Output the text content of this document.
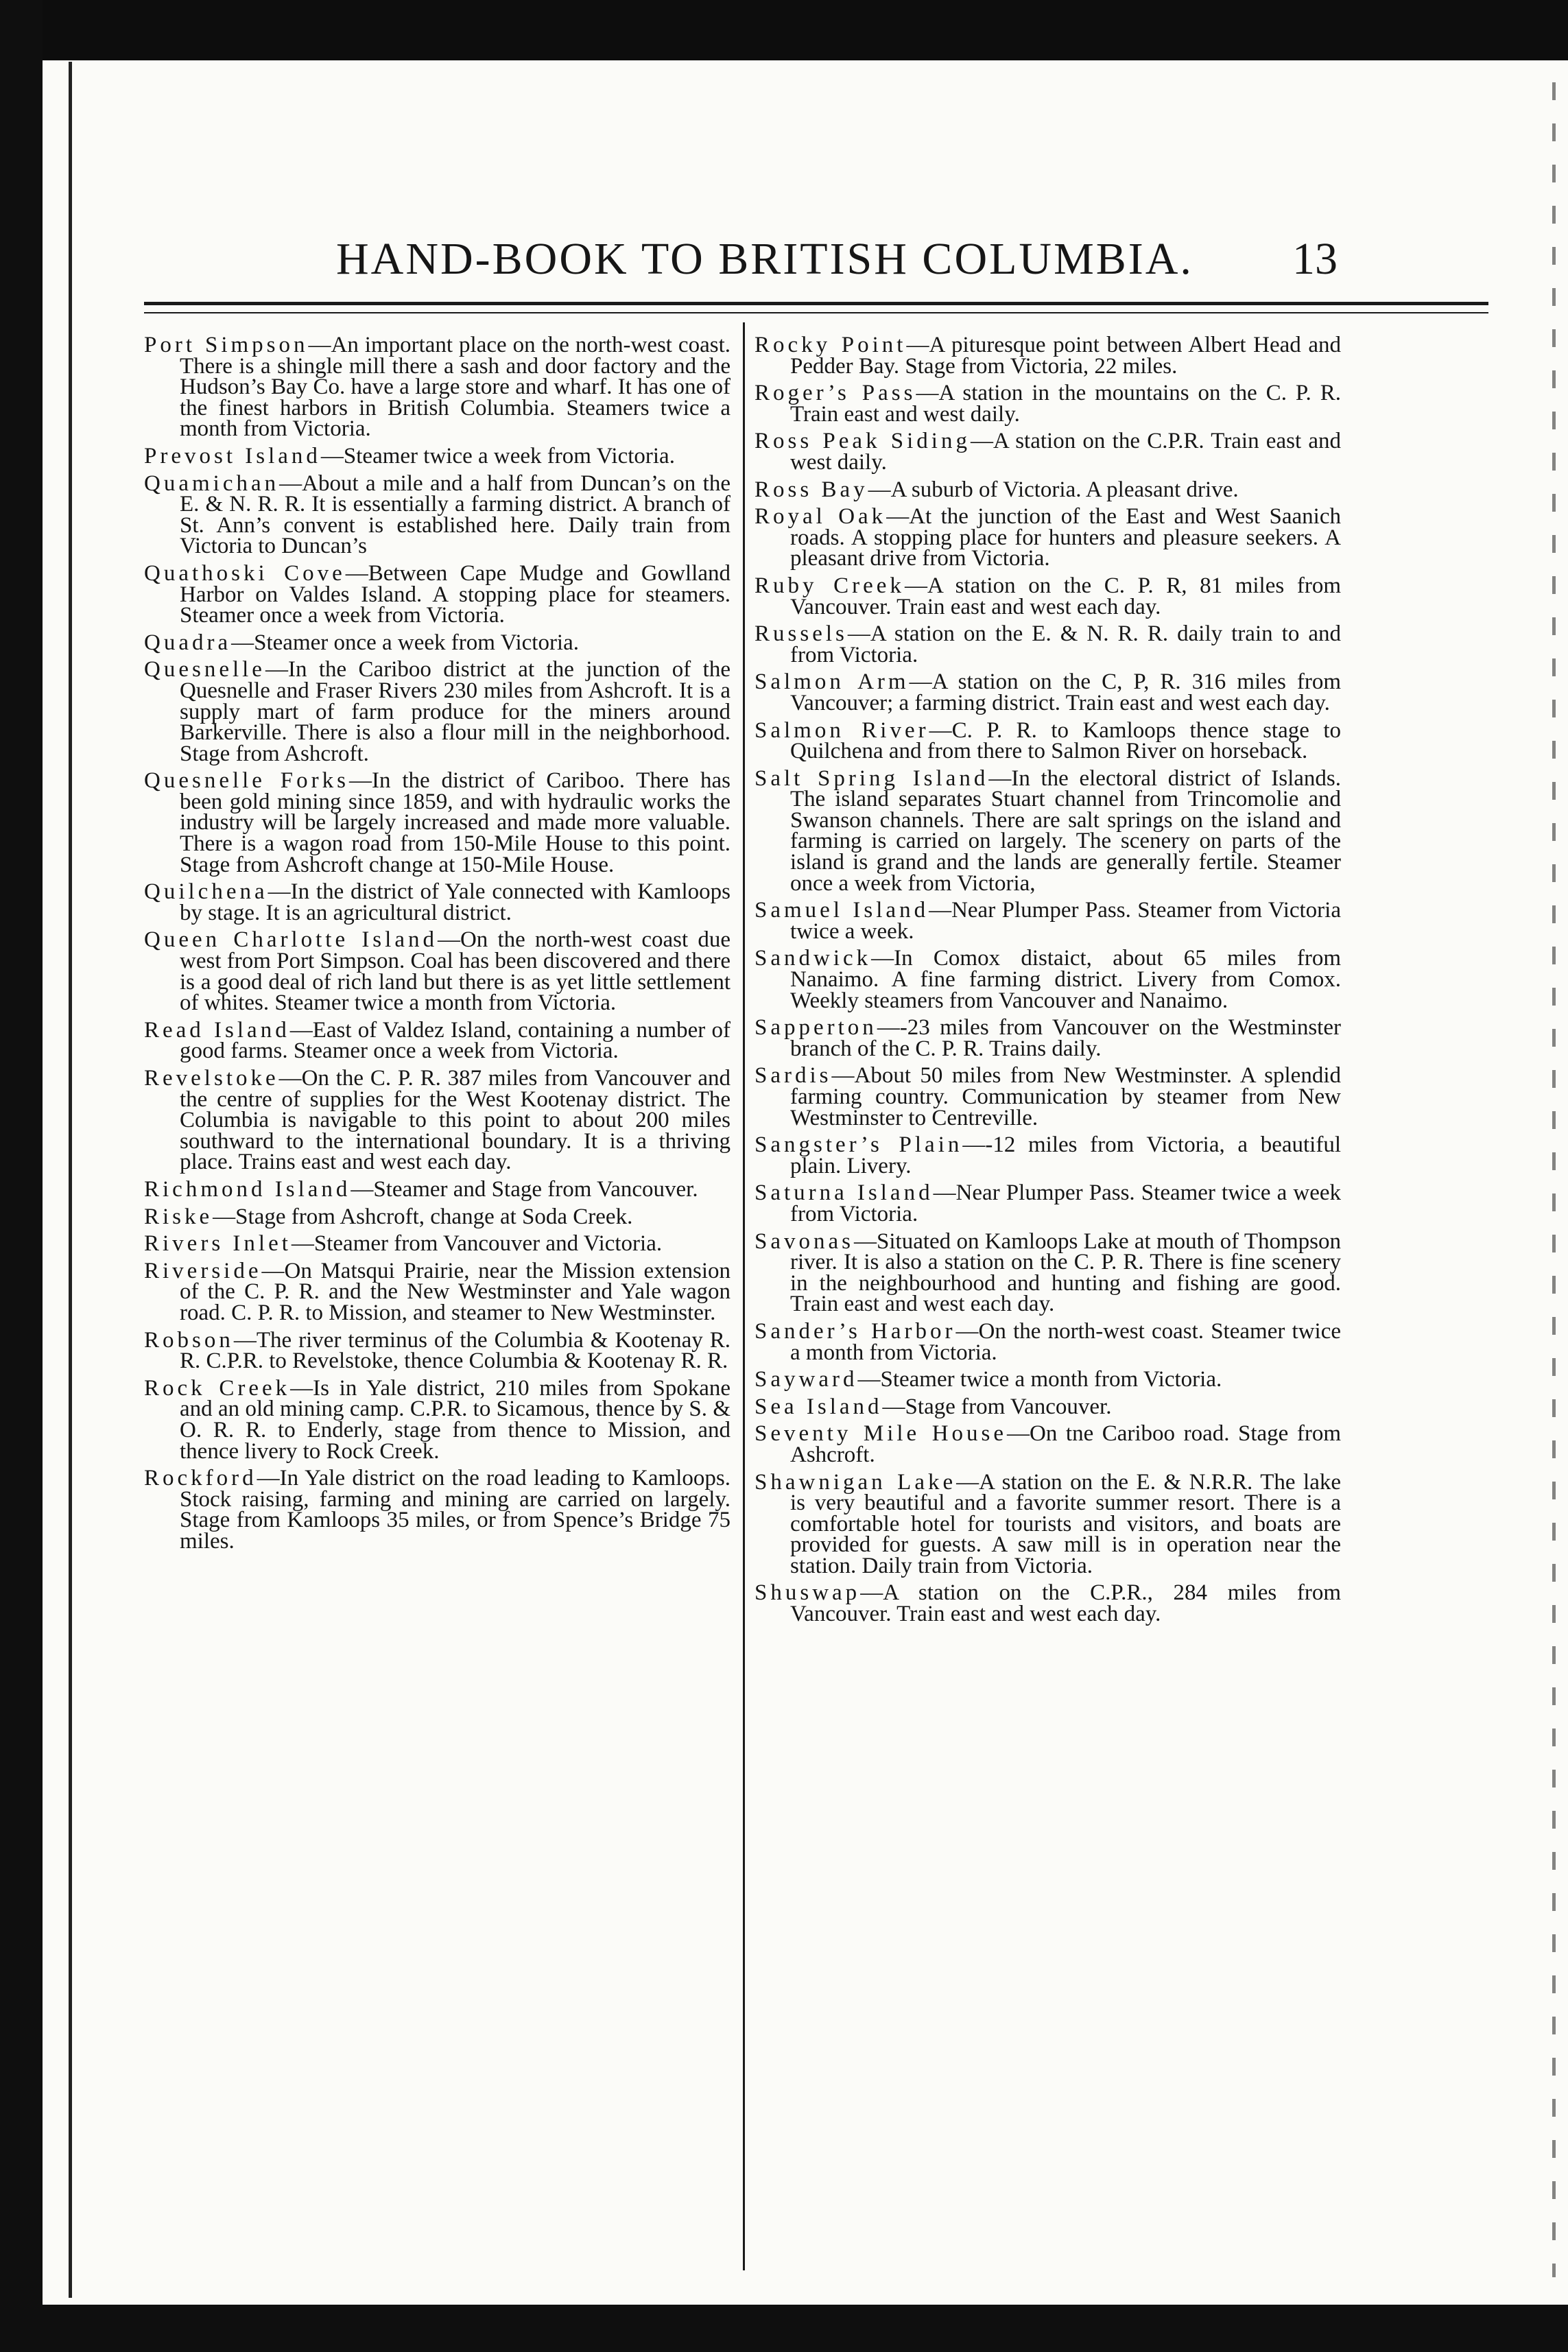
HAND-BOOK TO BRITISH COLUMBIA. 13

Port Simpson — An important place on the north-west coast. There is a shingle mill there a sash and door factory and the Hudson’s Bay Co. have a large store and wharf. It has one of the finest harbors in British Columbia. Steamers twice a month from Victoria.

Prevost Island — Steamer twice a week from Victoria.

Quamichan — About a mile and a half from Duncan’s on the E. & N. R. R. It is essentially a farming district. A branch of St. Ann’s convent is established here. Daily train from Victoria to Duncan’s

Quathoski Cove — Between Cape Mudge and Gowlland Harbor on Valdes Island. A stopping place for steamers. Steamer once a week from Victoria.

Quadra — Steamer once a week from Victoria.

Quesnelle — In the Cariboo district at the junction of the Quesnelle and Fraser Rivers 230 miles from Ashcroft. It is a supply mart of farm produce for the miners around Barkerville. There is also a flour mill in the neighborhood. Stage from Ashcroft.

Quesnelle Forks — In the district of Cariboo. There has been gold mining since 1859, and with hydraulic works the industry will be largely increased and made more valuable. There is a wagon road from 150-Mile House to this point. Stage from Ashcroft change at 150-Mile House.

Quilchena — In the district of Yale connected with Kamloops by stage. It is an agricultural district.

Queen Charlotte Island — On the north-west coast due west from Port Simpson. Coal has been discovered and there is a good deal of rich land but there is as yet little settlement of whites. Steamer twice a month from Victoria.

Read Island — East of Valdez Island, containing a number of good farms. Steamer once a week from Victoria.

Revelstoke — On the C. P. R. 387 miles from Vancouver and the centre of supplies for the West Kootenay district. The Columbia is navigable to this point to about 200 miles southward to the international boundary. It is a thriving place. Trains east and west each day.

Richmond Island — Steamer and Stage from Vancouver.

Riske — Stage from Ashcroft, change at Soda Creek.

Rivers Inlet — Steamer from Vancouver and Victoria.

Riverside — On Matsqui Prairie, near the Mission extension of the C. P. R. and the New Westminster and Yale wagon road. C. P. R. to Mission, and steamer to New Westminster.

Robson — The river terminus of the Columbia & Kootenay R. R. C.P.R. to Revelstoke, thence Columbia & Kootenay R. R.

Rock Creek — Is in Yale district, 210 miles from Spokane and an old mining camp. C.P.R. to Sicamous, thence by S. & O. R. R. to Enderly, stage from thence to Mission, and thence livery to Rock Creek.

Rockford — In Yale district on the road leading to Kamloops. Stock raising, farming and mining are carried on largely. Stage from Kamloops 35 miles, or from Spence’s Bridge 75 miles.

Rocky Point — A pituresque point between Albert Head and Pedder Bay. Stage from Victoria, 22 miles.

Roger’s Pass — A station in the mountains on the C. P. R. Train east and west daily.

Ross Peak Siding — A station on the C.P.R. Train east and west daily.

Ross Bay — A suburb of Victoria. A pleasant drive.

Royal Oak — At the junction of the East and West Saanich roads. A stopping place for hunters and pleasure seekers. A pleasant drive from Victoria.

Ruby Creek — A station on the C. P. R, 81 miles from Vancouver. Train east and west each day.

Russels — A station on the E. & N. R. R. daily train to and from Victoria.

Salmon Arm — A station on the C, P, R. 316 miles from Vancouver; a farming district. Train east and west each day.

Salmon River — C. P. R. to Kamloops thence stage to Quilchena and from there to Salmon River on horseback.

Salt Spring Island — In the electoral district of Islands. The island separates Stuart channel from Trincomolie and Swanson channels. There are salt springs on the island and farming is carried on largely. The scenery on parts of the island is grand and the lands are generally fertile. Steamer once a week from Victoria,

Samuel Island — Near Plumper Pass. Steamer from Victoria twice a week.

Sandwick — In Comox distaict, about 65 miles from Nanaimo. A fine farming district. Livery from Comox. Weekly steamers from Vancouver and Nanaimo.

Sapperton — -23 miles from Vancouver on the Westminster branch of the C. P. R. Trains daily.

Sardis — About 50 miles from New Westminster. A splendid farming country. Communication by steamer from New Westminster to Centreville.

Sangster’s Plain — -12 miles from Victoria, a beautiful plain. Livery.

Saturna Island — Near Plumper Pass. Steamer twice a week from Victoria.

Savonas — Situated on Kamloops Lake at mouth of Thompson river. It is also a station on the C. P. R. There is fine scenery in the neighbourhood and hunting and fishing are good. Train east and west each day.

Sander’s Harbor — On the north-west coast. Steamer twice a month from Victoria.

Sayward — Steamer twice a month from Victoria.

Sea Island — Stage from Vancouver.

Seventy Mile House — On tne Cariboo road. Stage from Ashcroft.

Shawnigan Lake — A station on the E. & N.R.R. The lake is very beautiful and a favorite summer resort. There is a comfortable hotel for tourists and visitors, and boats are provided for guests. A saw mill is in operation near the station. Daily train from Victoria.

Shuswap — A station on the C.P.R., 284 miles from Vancouver. Train east and west each day.
